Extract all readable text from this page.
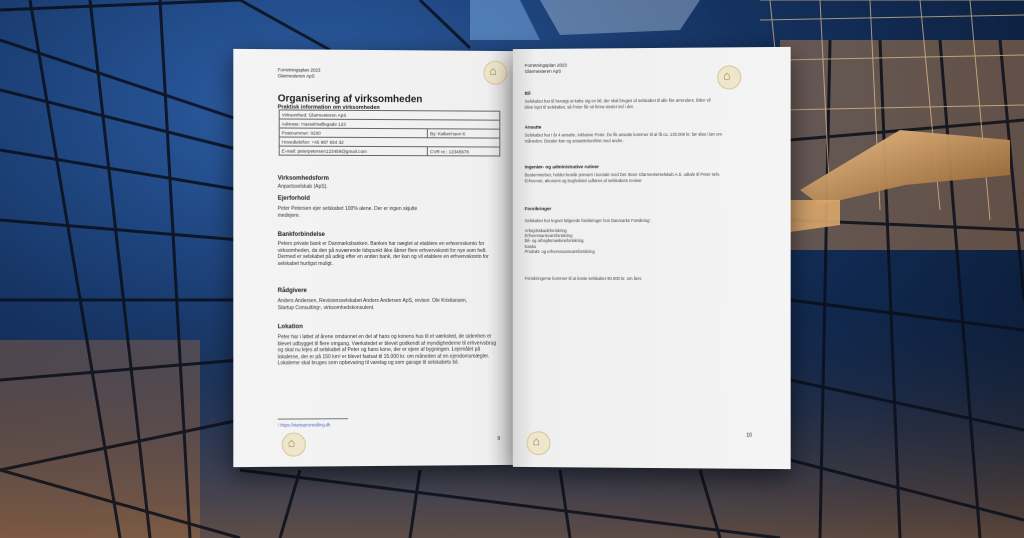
Forretningsplan 2023
Glarmesteren ApS
⌂
Organisering af virksomheden
Praktisk information om virksomheden
Virksomhed: Glarmesteren ApS	
Adresse: Hasselmøllegade 123	
Postnummer: 0200	By: København K
Hovedtelefon: +45 987 654 32	
E-mail: peterpetersen123456@gmail.com	CVR nr.: 12345678
Virksomhedsform
Anpartsselskab (ApS).
Ejerforhold
Peter Petersen ejer selskabet 100% alene. Der er ingen skjulte medejere.
Bankforbindelse
Peters private bank er Danmarksbanken. Banken har nægtet at etablere en erhvervskonto for virksomheden, da den på nuværende tidspunkt ikke åbner flere erhvervskonti for nye som helt. Dermed er selskabet på udkig efter en anden bank, der kan og vil etablere en erhvervskonto for selskabet hurtigst muligt.
Rådgivere
Anders Andersen, Revisionsselskabet Anders Andersen ApS, revisor. Ole Kristiansen, Startup Consulting¹, virksomhedskonsulent.
Lokation
Peter har i løbet af årene omdannet en del af hans og konens hus til et værksted, de sidenhen er blevet udbygget til flere omgang. Værkstedet er blevet godkendt af myndighederne til erhvervsbrug og skal nu lejes af selskabet af Peter og hans kone, der er ejere af bygningen. Lejemålet på lokalerne, der er på 150 km² er blevet fastsat til 15.000 kr. om måneden af en ejendomsmægler. Lokalerne skal bruges som opbevaring til varelag og som garage til selskabets bil.
¹ https://startupconsulting.dk
⌂
9
Forretningsplan 2023
Glarmesteren ApS
⌂
Bil
Selskabet har til hensigt at købe sig en bil, der skal bruges af selskabet til alle fire arrenders. Bilen vil blive lejet til selskabet, så Peter får sit firma stedet ind i det.
Ansatte
Selskabet har i år 4 ansatte, inklusive Peter. De fik ansatte kommer til at få ca. 130.000 kr. før skat i løn om måneden. Betaler kan og ansættelsesfrist med andre.
Ingeniør- og administrative rutiner
Bestemmelser, holdet består primært i kontakt med Det Store Glarmesterselskab A.S, udtale til Peter selv. Erhvervet, økonomi og bogholderi udføres af selskabets revisor.
Forsikringer
Selskabet har tegnet følgende forsikringer hos Danmarks Forsikring:
Arbejdsskadeforsikring
Erhvervsansvarsforsikring
Bil- og arbejdsmaskineforsikring
Kasko
Produkt- og erhvervsansvarsforsikring
Forsikringerne kommer til at koste selskabet 90.000 kr. om året.
⌂
10
